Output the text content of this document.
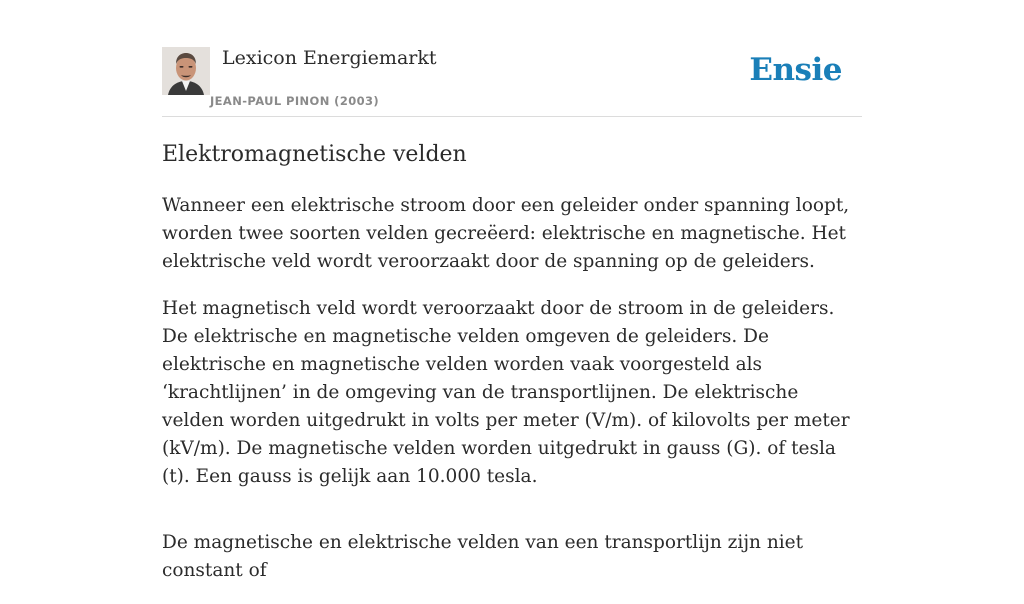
Lexicon Energiemarkt
JEAN-PAUL PINON (2003)
Ensie
Elektromagnetische velden

Wanneer een elektrische stroom door een geleider onder spanning loopt, worden twee soorten velden gecreëerd: elektrische en magnetische. Het elektrische veld wordt veroorzaakt door de spanning op de geleiders.

Het magnetisch veld wordt veroorzaakt door de stroom in de geleiders. De elektrische en magnetische velden omgeven de geleiders. De elektrische en magnetische velden worden vaak voorgesteld als ‘krachtlijnen’ in de omgeving van de transportlijnen. De elektrische velden worden uitgedrukt in volts per meter (V/m). of kilovolts per meter (kV/m). De magnetische velden worden uitgedrukt in gauss (G). of tesla (t). Een gauss is gelijk aan 10.000 tesla.

De magnetische en elektrische velden van een transportlijn zijn niet constant of
